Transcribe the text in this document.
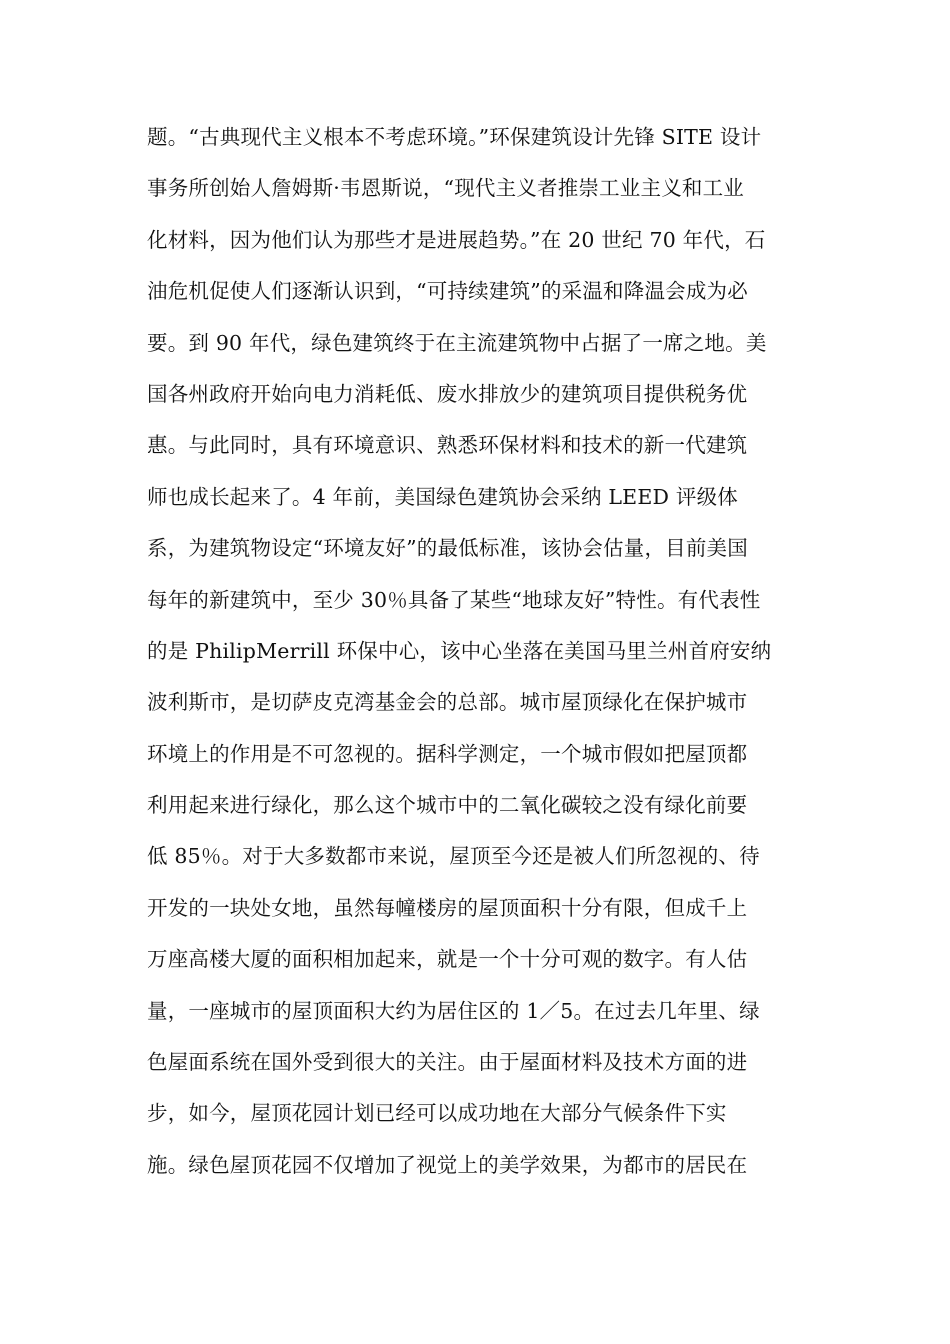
题。“古典现代主义根本不考虑环境。”环保建筑设计先锋 SITE 设计
事务所创始人詹姆斯·韦恩斯说，“现代主义者推崇工业主义和工业
化材料，因为他们认为那些才是进展趋势。”在 20 世纪 70 年代，石
油危机促使人们逐渐认识到，“可持续建筑”的采温和降温会成为必
要。到 90 年代，绿色建筑终于在主流建筑物中占据了一席之地。美
国各州政府开始向电力消耗低、废水排放少的建筑项目提供税务优
惠。与此同时，具有环境意识、熟悉环保材料和技术的新一代建筑
师也成长起来了。4 年前，美国绿色建筑协会采纳 LEED 评级体
系，为建筑物设定“环境友好”的最低标准，该协会估量，目前美国
每年的新建筑中，至少 30％具备了某些“地球友好”特性。有代表性
的是 PhilipMerrill 环保中心，该中心坐落在美国马里兰州首府安纳
波利斯市，是切萨皮克湾基金会的总部。城市屋顶绿化在保护城市
环境上的作用是不可忽视的。据科学测定，一个城市假如把屋顶都
利用起来进行绿化，那么这个城市中的二氧化碳较之没有绿化前要
低 85％。对于大多数都市来说，屋顶至今还是被人们所忽视的、待
开发的一块处女地，虽然每幢楼房的屋顶面积十分有限，但成千上
万座高楼大厦的面积相加起来，就是一个十分可观的数字。有人估
量，一座城市的屋顶面积大约为居住区的 1／5。在过去几年里、绿
色屋面系统在国外受到很大的关注。由于屋面材料及技术方面的进
步，如今，屋顶花园计划已经可以成功地在大部分气候条件下实
施。绿色屋顶花园不仅增加了视觉上的美学效果，为都市的居民在
